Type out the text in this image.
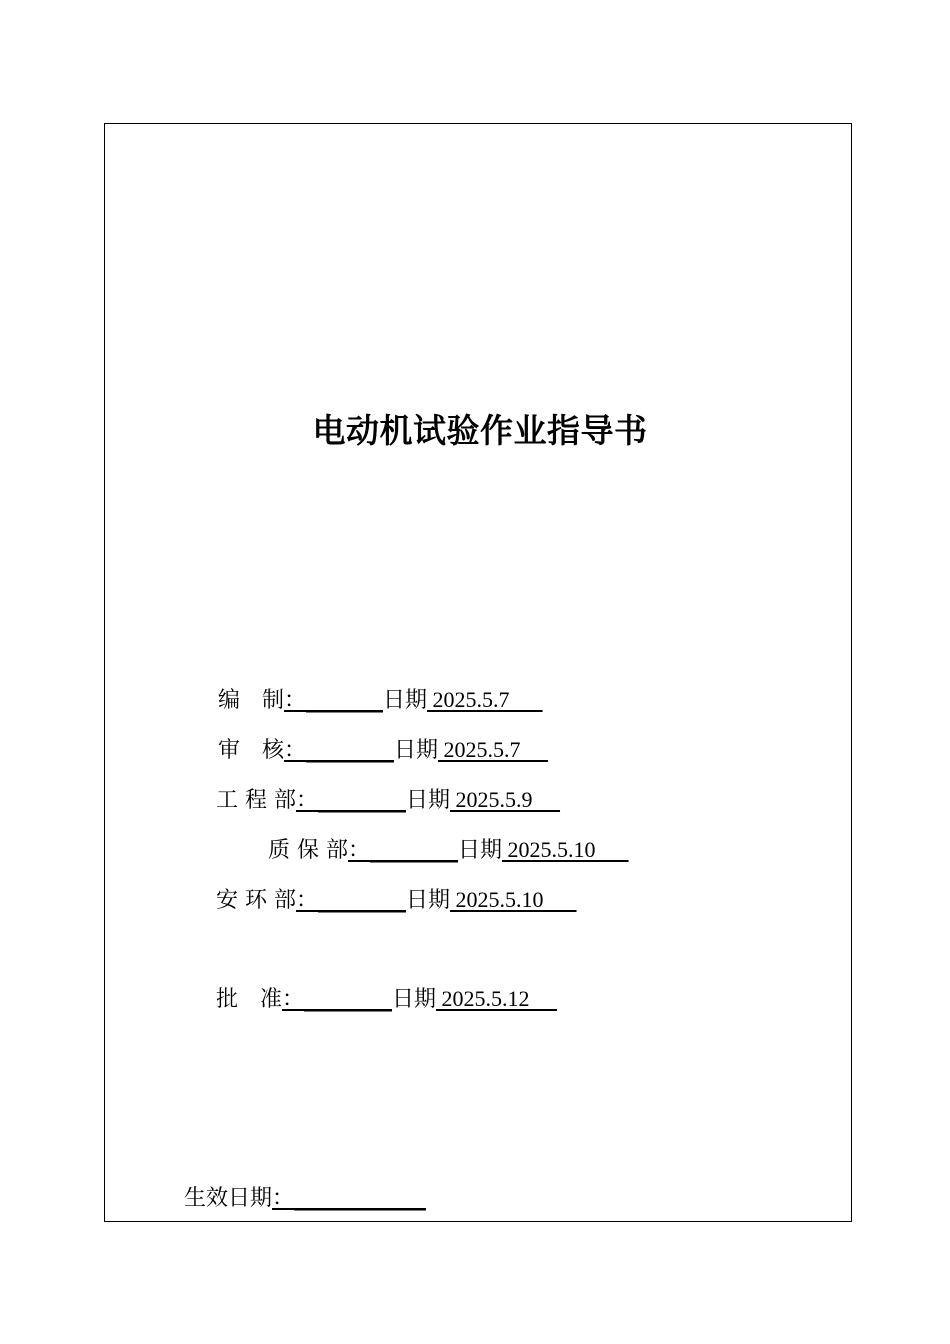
电动机试验作业指导书
编　制：_______日期 2025.5.7
审　核：________日期 2025.5.7
工 程 部：________日期 2025.5.9
质 保 部：________日期 2025.5.10
安 环 部：________日期 2025.5.10
批　准：________日期 2025.5.12
生效日期：____________
